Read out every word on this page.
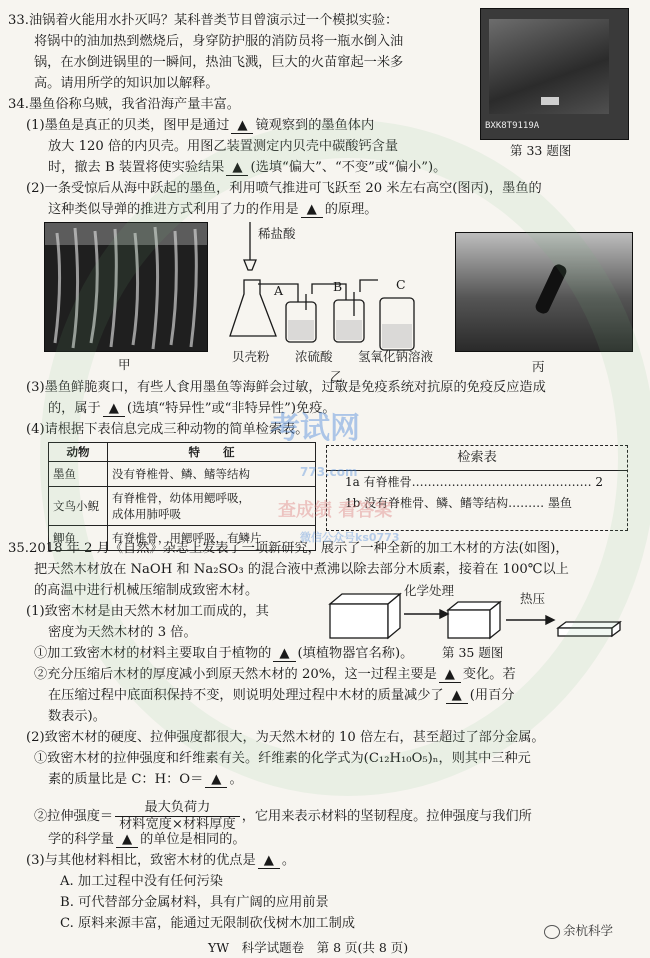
33.油锅着火能用水扑灭吗？某科普类节目曾演示过一个模拟实验：
将锅中的油加热到燃烧后，身穿防护服的消防员将一瓶水倒入油
锅，在水倒进锅里的一瞬间，热油飞溅，巨大的火苗窜起一米多
高。请用所学的知识加以解释。
BXK8T9119A
第 33 题图
34.墨鱼俗称乌贼，我省沿海产量丰富。
(1)墨鱼是真正的贝类，图甲是通过 ▲ 镜观察到的墨鱼体内
放大 120 倍的内贝壳。用图乙装置测定内贝壳中碳酸钙含量
时，撤去 B 装置将使实验结果 ▲ (选填“偏大”、“不变”或“偏小”)。
(2)一条受惊后从海中跃起的墨鱼，利用喷气推进可飞跃至 20 米左右高空(图丙)，墨鱼的
这种类似导弹的推进方式利用了力的作用是 ▲ 的原理。
甲
稀盐酸
A	B	C
贝壳粉 浓硫酸 氢氧化钠溶液
乙
丙
(3)墨鱼鲜脆爽口，有些人食用墨鱼等海鲜会过敏，过敏是免疫系统对抗原的免疫反应造成
的，属于 ▲ (选填“特异性”或“非特异性”)免疫。
(4)请根据下表信息完成三种动物的简单检索表。
动物	特　　征
墨鱼	没有脊椎骨、鳞、鳍等结构
文鸟小鲵	有脊椎骨，幼体用鳃呼吸，
成体用肺呼吸
鲫鱼	有脊椎骨，用鳃呼吸，有鳞片
检索表
1a 有脊椎骨……………………………………… 2
1b 没有脊椎骨、鳞、鳍等结构……… 墨鱼
35.2018 年 2 月《自然》杂志上发表了一项新研究，展示了一种全新的加工木材的方法(如图)，
把天然木材放在 NaOH 和 Na₂SO₃ 的混合液中煮沸以除去部分木质素，接着在 100℃以上
的高温中进行机械压缩制成致密木材。
(1)致密木材是由天然木材加工而成的，其
密度为天然木材的 3 倍。
化学处理
热压
第 35 题图
①加工致密木材的材料主要取自于植物的 ▲ (填植物器官名称)。
②充分压缩后木材的厚度减小到原天然木材的 20%，这一过程主要是 ▲ 变化。若
在压缩过程中底面积保持不变，则说明处理过程中木材的质量减少了 ▲ (用百分
数表示)。
(2)致密木材的硬度、拉伸强度都很大，为天然木材的 10 倍左右，甚至超过了部分金属。
①致密木材的拉伸强度和纤维素有关。纤维素的化学式为(C₁₂H₁₀O₅)ₙ，则其中三种元
素的质量比是 C：H：O＝ ▲ 。
②拉伸强度＝
最大负荷力
材料宽度×材料厚度
，它用来表示材料的坚韧程度。拉伸强度与我们所
学的科学量 ▲ 的单位是相同的。
(3)与其他材料相比，致密木材的优点是 ▲ 。
A. 加工过程中没有任何污染
B. 可代替部分金属材料，具有广阔的应用前景
C. 原料来源丰富，能通过无限制砍伐树木加工制成
考试网
773.com
查成绩 看答案
微信公众号ks0773
余杭科学
YW　科学试题卷　第 8 页(共 8 页)
